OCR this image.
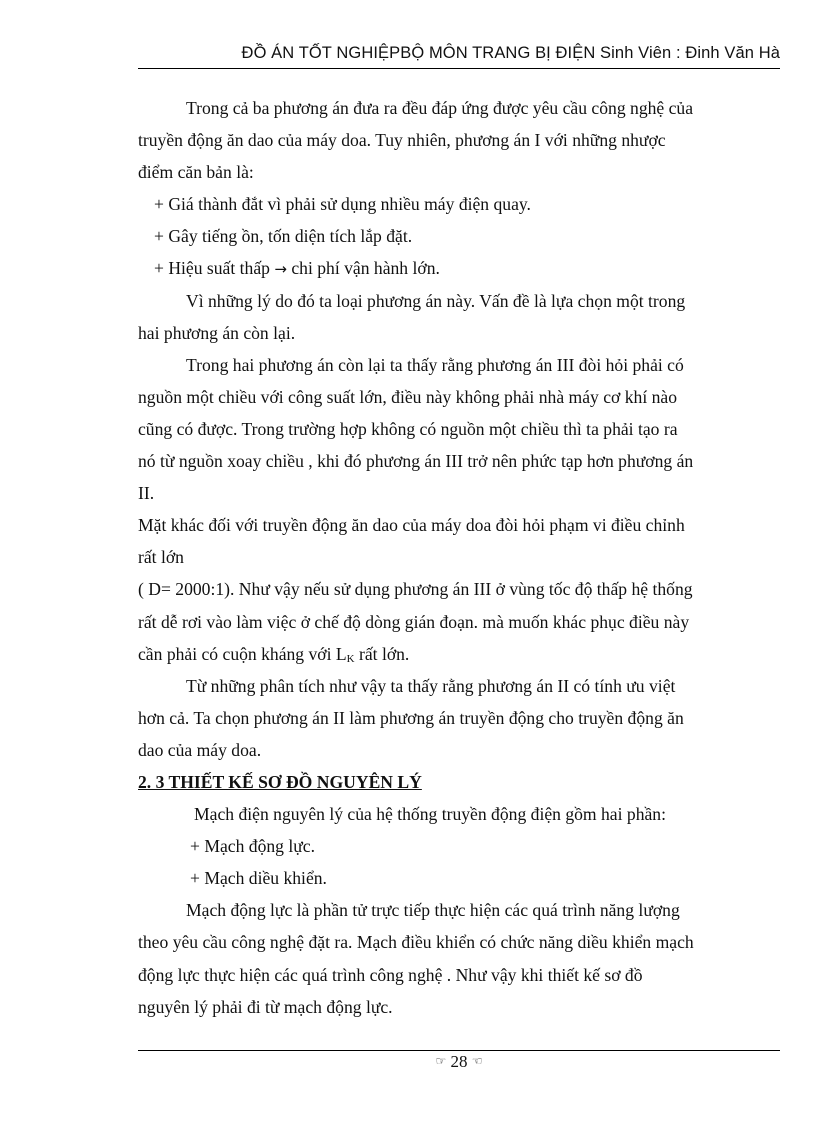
ĐỒ ÁN TỐT NGHIỆPBỘ MÔN TRANG BỊ ĐIỆN Sinh Viên : Đinh Văn Hà
Trong cả ba phương án đưa ra đều đáp ứng được yêu cầu công nghệ của
truyền động ăn dao của máy doa. Tuy nhiên, phương án I với những nhược
điểm căn bản là:
+ Giá thành đắt vì phải sử dụng nhiều máy điện quay.
+ Gây tiếng ồn, tốn diện tích lắp đặt.
+ Hiệu suất thấp → chi phí vận hành lớn.
Vì những lý do đó ta loại phương án này. Vấn đề là lựa chọn một trong
hai phương án còn lại.
Trong hai phương án còn lại ta thấy rằng phương án III đòi hỏi phải có
nguồn một chiều với công suất lớn, điều này không phải nhà máy cơ khí nào
cũng có được. Trong trường hợp không có nguồn một chiều thì ta phải tạo ra
nó từ nguồn xoay chiều , khi đó phương án III trở nên phức tạp hơn phương án
II.
Mặt khác đối với truyền động ăn dao của máy doa đòi hỏi phạm vi điều chỉnh
rất lớn
( D= 2000:1). Như vậy nếu sử dụng phương án III ở vùng tốc độ thấp hệ thống
rất dễ rơi vào làm việc ở chế độ dòng gián đoạn. mà muốn khác phục điều này
cần phải có cuộn kháng với LK rất lớn.
Từ những phân tích như vậy ta thấy rằng phương án II có tính ưu việt
hơn cả. Ta chọn phương án II làm phương án truyền động cho truyền động ăn
dao của máy doa.
2. 3 THIẾT KẾ SƠ ĐỒ NGUYÊN LÝ
Mạch điện nguyên lý của hệ thống truyền động điện gồm hai phần:
+ Mạch động lực.
+ Mạch diều khiển.
Mạch động lực là phần tử trực tiếp thực hiện các quá trình năng lượng
theo yêu cầu công nghệ đặt ra. Mạch điều khiển có chức năng diều khiển mạch
động lực thực hiện các quá trình công nghệ . Như vậy khi thiết kế sơ đồ
nguyên lý phải đi từ mạch động lực.
☞ 28 ☜
